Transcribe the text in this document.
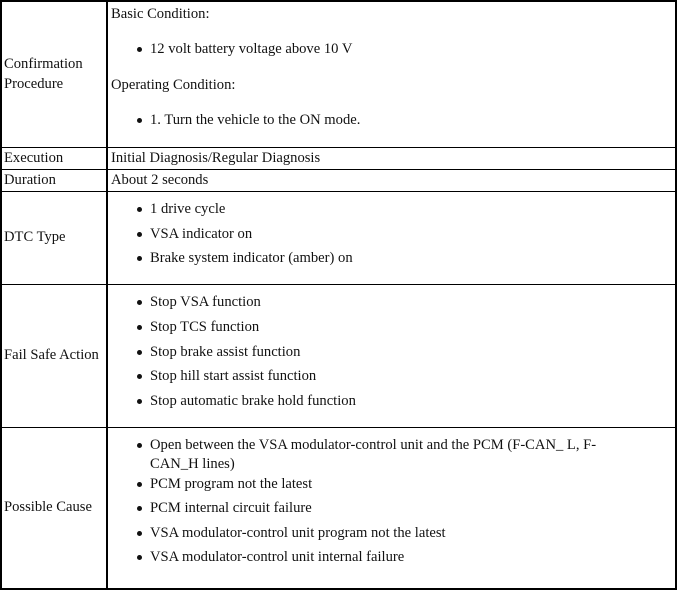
Confirmation Procedure
Basic Condition:
12 volt battery voltage above 10 V
Operating Condition:
1. Turn the vehicle to the ON mode.
Execution	Initial Diagnosis/Regular Diagnosis
Duration	About 2 seconds
DTC Type
1 drive cycle
VSA indicator on
Brake system indicator (amber) on
Fail Safe Action
Stop VSA function
Stop TCS function
Stop brake assist function
Stop hill start assist function
Stop automatic brake hold function
Possible Cause
Open between the VSA modulator-control unit and the PCM (F-CAN_ L, F-CAN_H lines)
PCM program not the latest
PCM internal circuit failure
VSA modulator-control unit program not the latest
VSA modulator-control unit internal failure
